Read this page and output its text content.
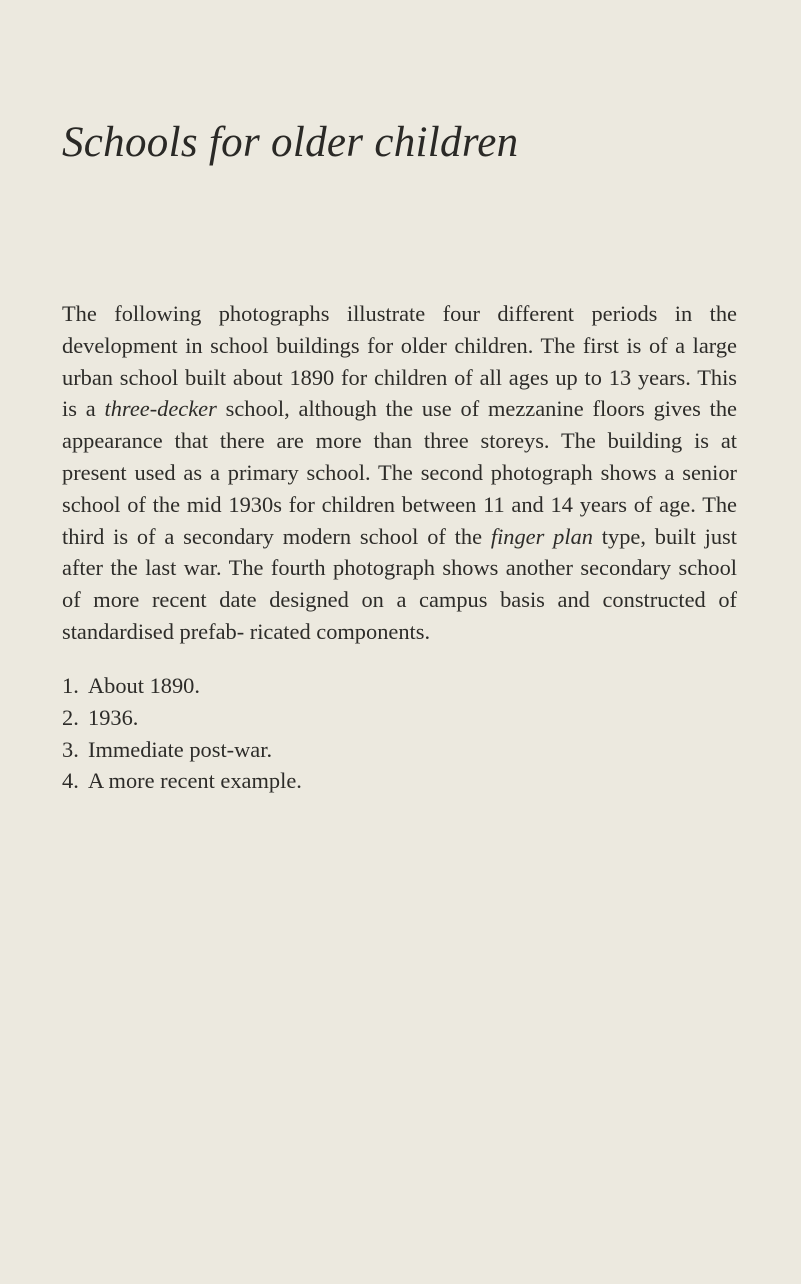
Schools for older children

The following photographs illustrate four different periods in the development in school buildings for older children. The first is of a large urban school built about 1890 for children of all ages up to 13 years. This is a three-decker school, although the use of mezzanine floors gives the appearance that there are more than three storeys. The building is at present used as a primary school. The second photograph shows a senior school of the mid 1930s for children between 11 and 14 years of age. The third is of a secondary modern school of the finger plan type, built just after the last war. The fourth photograph shows another secondary school of more recent date designed on a campus basis and constructed of standardised prefab- ricated components.

1. About 1890.
2. 1936.
3. Immediate post-war.
4. A more recent example.
